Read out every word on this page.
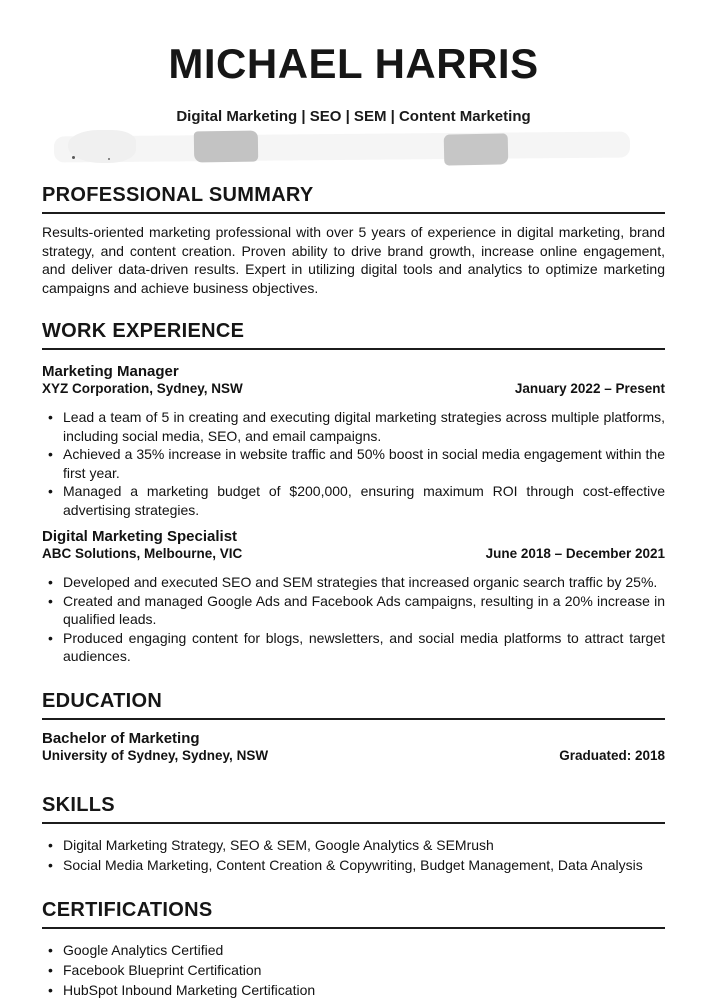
MICHAEL HARRIS

Digital Marketing | SEO | SEM | Content Marketing

PROFESSIONAL SUMMARY

Results-oriented marketing professional with over 5 years of experience in digital marketing, brand strategy, and content creation. Proven ability to drive brand growth, increase online engagement, and deliver data-driven results. Expert in utilizing digital tools and analytics to optimize marketing campaigns and achieve business objectives.

WORK EXPERIENCE

Marketing Manager

XYZ Corporation, Sydney, NSW	January 2022 – Present
• Lead a team of 5 in creating and executing digital marketing strategies across multiple platforms, including social media, SEO, and email campaigns.
• Achieved a 35% increase in website traffic and 50% boost in social media engagement within the first year.
• Managed a marketing budget of $200,000, ensuring maximum ROI through cost-effective advertising strategies.

Digital Marketing Specialist

ABC Solutions, Melbourne, VIC	June 2018 – December 2021
• Developed and executed SEO and SEM strategies that increased organic search traffic by 25%.
• Created and managed Google Ads and Facebook Ads campaigns, resulting in a 20% increase in qualified leads.
• Produced engaging content for blogs, newsletters, and social media platforms to attract target audiences.
EDUCATION

Bachelor of Marketing

University of Sydney, Sydney, NSW	Graduated: 2018
SKILLS
• Digital Marketing Strategy, SEO & SEM, Google Analytics & SEMrush
• Social Media Marketing, Content Creation & Copywriting, Budget Management, Data Analysis
CERTIFICATIONS
• Google Analytics Certified
• Facebook Blueprint Certification
• HubSpot Inbound Marketing Certification
